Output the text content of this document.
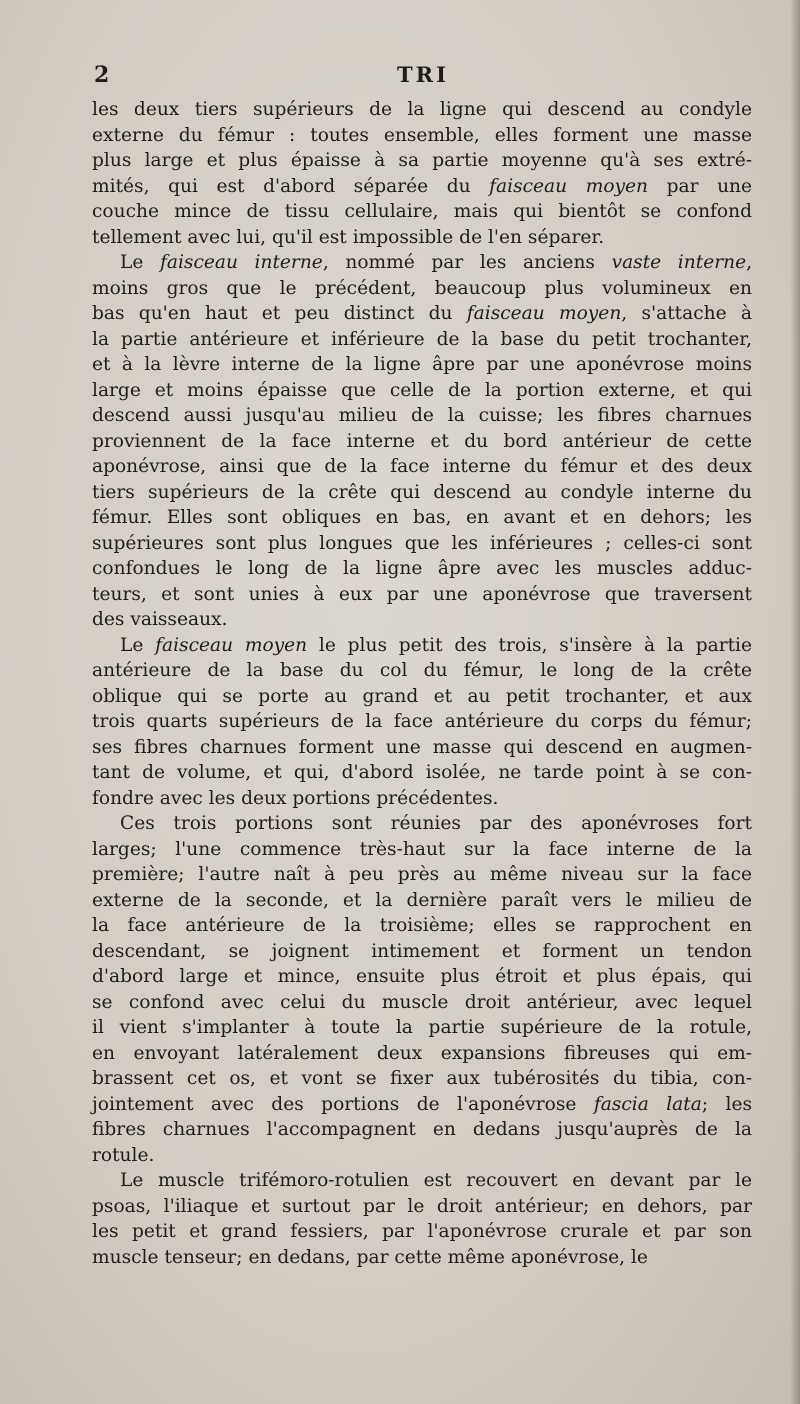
2	TRI
les deux tiers supérieurs de la ligne qui descend au condyle
externe du fémur : toutes ensemble, elles forment une masse
plus large et plus épaisse à sa partie moyenne qu'à ses extré-
mités, qui est d'abord séparée du faisceau moyen par une
couche mince de tissu cellulaire, mais qui bientôt se confond
tellement avec lui, qu'il est impossible de l'en séparer.
Le faisceau interne, nommé par les anciens vaste interne,
moins gros que le précédent, beaucoup plus volumineux en
bas qu'en haut et peu distinct du faisceau moyen, s'attache à
la partie antérieure et inférieure de la base du petit trochanter,
et à la lèvre interne de la ligne âpre par une aponévrose moins
large et moins épaisse que celle de la portion externe, et qui
descend aussi jusqu'au milieu de la cuisse; les fibres charnues
proviennent de la face interne et du bord antérieur de cette
aponévrose, ainsi que de la face interne du fémur et des deux
tiers supérieurs de la crête qui descend au condyle interne du
fémur. Elles sont obliques en bas, en avant et en dehors; les
supérieures sont plus longues que les inférieures ; celles-ci sont
confondues le long de la ligne âpre avec les muscles adduc-
teurs, et sont unies à eux par une aponévrose que traversent
des vaisseaux.
Le faisceau moyen le plus petit des trois, s'insère à la partie
antérieure de la base du col du fémur, le long de la crête
oblique qui se porte au grand et au petit trochanter, et aux
trois quarts supérieurs de la face antérieure du corps du fémur;
ses fibres charnues forment une masse qui descend en augmen-
tant de volume, et qui, d'abord isolée, ne tarde point à se con-
fondre avec les deux portions précédentes.
Ces trois portions sont réunies par des aponévroses fort
larges; l'une commence très-haut sur la face interne de la
première; l'autre naît à peu près au même niveau sur la face
externe de la seconde, et la dernière paraît vers le milieu de
la face antérieure de la troisième; elles se rapprochent en
descendant, se joignent intimement et forment un tendon
d'abord large et mince, ensuite plus étroit et plus épais, qui
se confond avec celui du muscle droit antérieur, avec lequel
il vient s'implanter à toute la partie supérieure de la rotule,
en envoyant latéralement deux expansions fibreuses qui em-
brassent cet os, et vont se fixer aux tubérosités du tibia, con-
jointement avec des portions de l'aponévrose fascia lata; les
fibres charnues l'accompagnent en dedans jusqu'auprès de la
rotule.
Le muscle trifémoro-rotulien est recouvert en devant par le
psoas, l'iliaque et surtout par le droit antérieur; en dehors, par
les petit et grand fessiers, par l'aponévrose crurale et par son
muscle tenseur; en dedans, par cette même aponévrose, le
